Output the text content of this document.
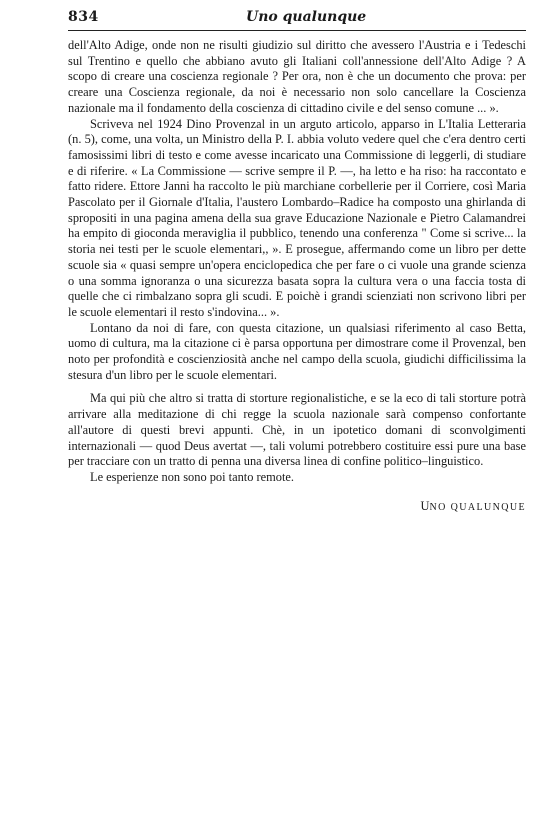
834	Uno qualunque

dell'Alto Adige, onde non ne risulti giudizio sul diritto che avessero l'Austria e i Tedeschi sul Trentino e quello che abbiano avuto gli Italiani coll'annessione dell'Alto Adige ? A scopo di creare una coscienza regionale ? Per ora, non è che un documento che prova: per creare una Coscienza regionale, da noi è necessario non solo cancellare la Coscienza nazionale ma il fondamento della coscienza di cittadino civile e del senso comune ... ».

Scriveva nel 1924 Dino Provenzal in un arguto articolo, apparso in L'Italia Letteraria (n. 5), come, una volta, un Ministro della P. I. abbia voluto vedere quel che c'era dentro certi famosissimi libri di testo e come avesse incaricato una Commissione di leggerli, di studiare e di riferire. « La Commissione — scrive sempre il P. —, ha letto e ha riso: ha raccontato e fatto ridere. Ettore Janni ha raccolto le più marchiane corbellerie per il Corriere, così Maria Pascolato per il Giornale d'Italia, l'austero Lombardo–Radice ha composto una ghirlanda di spropositi in una pagina amena della sua grave Educazione Nazionale e Pietro Calamandrei ha empito di gioconda meraviglia il pubblico, tenendo una conferenza " Come si scrive... la storia nei testi per le scuole elementari,, ». E prosegue, affermando come un libro per dette scuole sia « quasi sempre un'opera enciclopedica che per fare o ci vuole una grande scienza o una somma ignoranza o una sicurezza basata sopra la cultura vera o una faccia tosta di quelle che ci rimbalzano sopra gli scudi. E poichè i grandi scienziati non scrivono libri per le scuole elementari il resto s'indovina... ».

Lontano da noi di fare, con questa citazione, un qualsiasi riferimento al caso Betta, uomo di cultura, ma la citazione ci è parsa opportuna per dimostrare come il Provenzal, ben noto per profondità e coscienziosità anche nel campo della scuola, giudichi difficilissima la stesura d'un libro per le scuole elementari.

Ma qui più che altro si tratta di storture regionalistiche, e se la eco di tali storture potrà arrivare alla meditazione di chi regge la scuola nazionale sarà compenso confortante all'autore di questi brevi appunti. Chè, in un ipotetico domani di sconvolgimenti internazionali — quod Deus avertat —, tali volumi potrebbero costituire essi pure una base per tracciare con un tratto di penna una diversa linea di confine politico–linguistico.

Le esperienze non sono poi tanto remote.

UNO QUALUNQUE
